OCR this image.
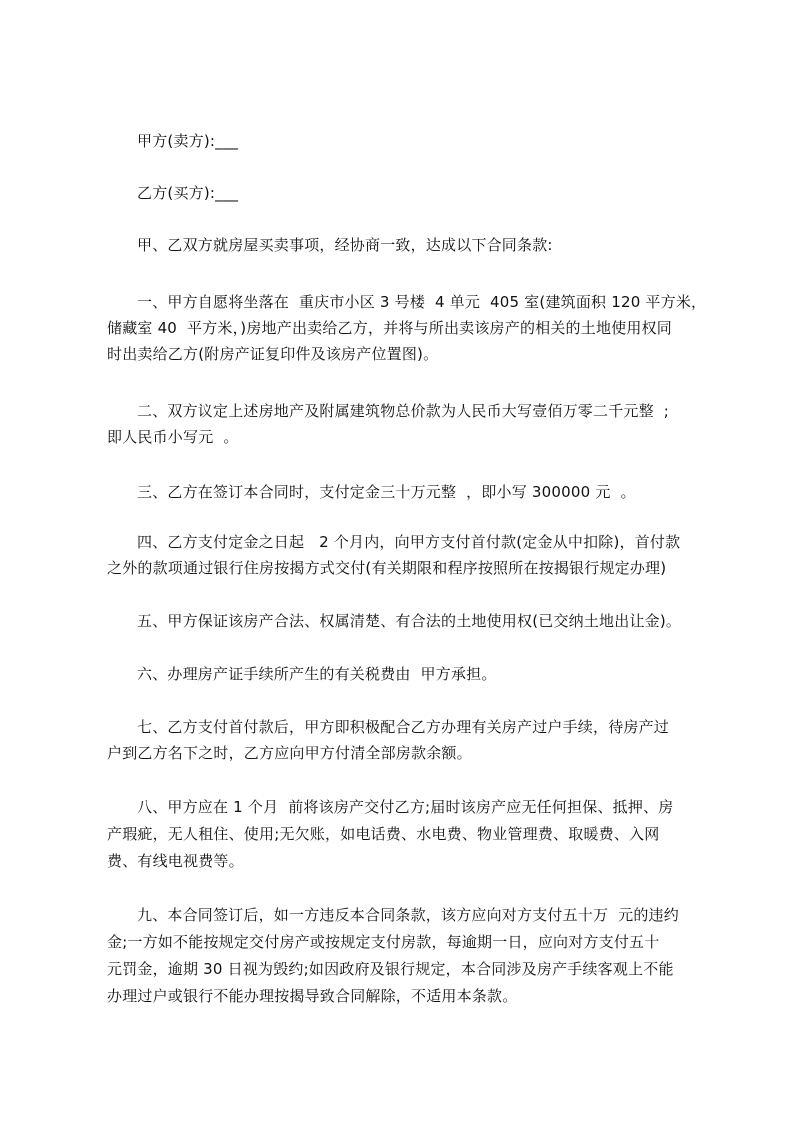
甲方(卖方):___
乙方(买方):___
甲、乙双方就房屋买卖事项，经协商一致，达成以下合同条款:
一、甲方自愿将坐落在  重庆市小区 3 号楼  4 单元  405 室(建筑面积 120 平方米，
储藏室 40  平方米，)房地产出卖给乙方，并将与所出卖该房产的相关的土地使用权同
时出卖给乙方(附房产证复印件及该房产位置图)。
二、双方议定上述房地产及附属建筑物总价款为人民币大写壹佰万零二千元整  ;
即人民币小写元  。
三、乙方在签订本合同时，支付定金三十万元整  ，即小写 300000 元  。
四、乙方支付定金之日起   2 个月内，向甲方支付首付款(定金从中扣除)，首付款
之外的款项通过银行住房按揭方式交付(有关期限和程序按照所在按揭银行规定办理)
五、甲方保证该房产合法、权属清楚、有合法的土地使用权(已交纳土地出让金)。
六、办理房产证手续所产生的有关税费由  甲方承担。
七、乙方支付首付款后，甲方即积极配合乙方办理有关房产过户手续，待房产过
户到乙方名下之时，乙方应向甲方付清全部房款余额。
八、甲方应在 1 个月  前将该房产交付乙方;届时该房产应无任何担保、抵押、房
产瑕疵，无人租住、使用;无欠账，如电话费、水电费、物业管理费、取暖费、入网
费、有线电视费等。
九、本合同签订后，如一方违反本合同条款，该方应向对方支付五十万  元的违约
金;一方如不能按规定交付房产或按规定支付房款，每逾期一日，应向对方支付五十
元罚金，逾期 30 日视为毁约;如因政府及银行规定，本合同涉及房产手续客观上不能
办理过户或银行不能办理按揭导致合同解除，不适用本条款。
